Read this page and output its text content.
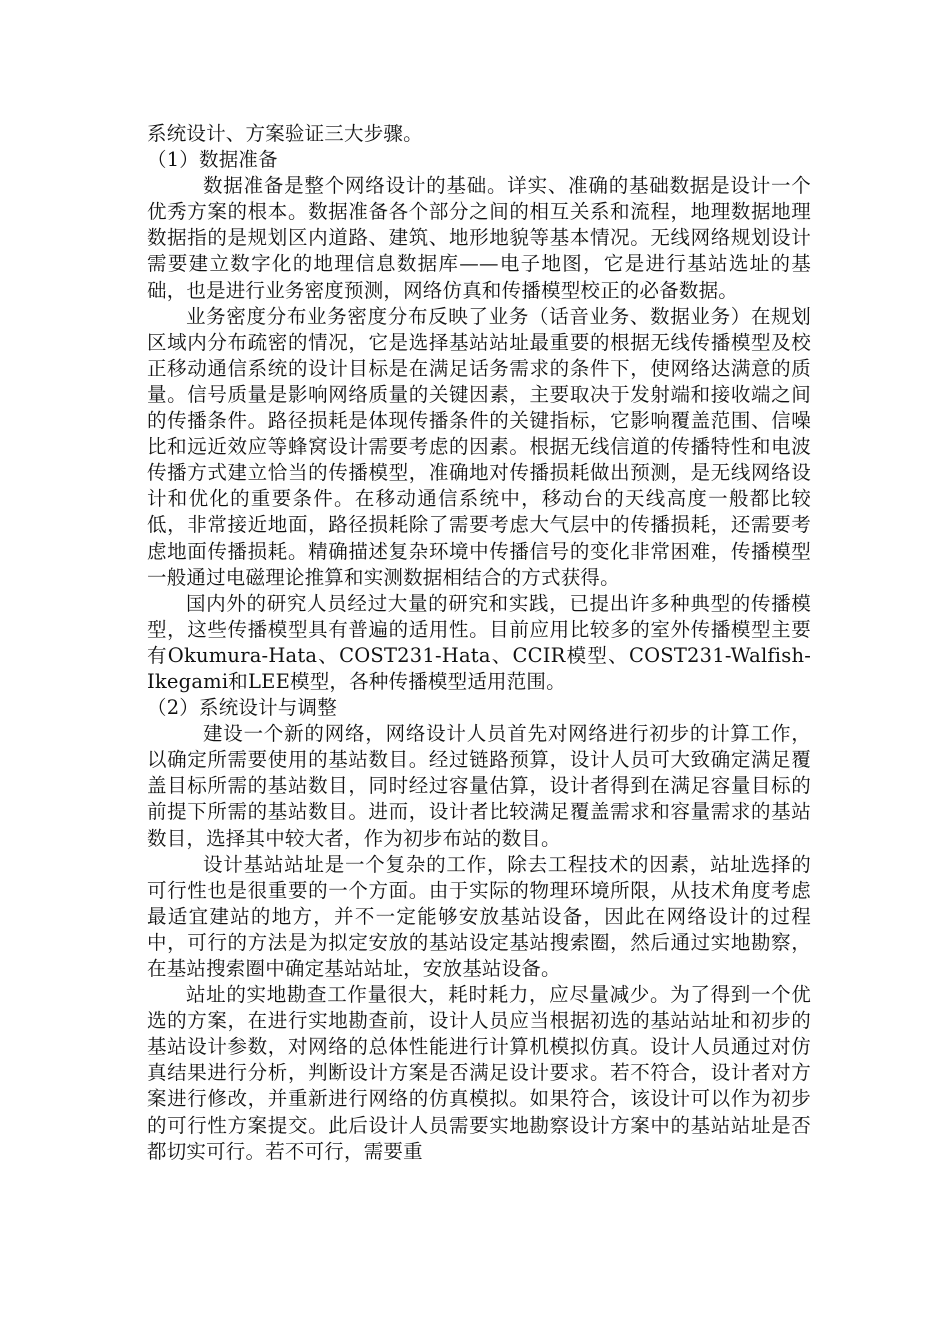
系统设计、方案验证三大步骤。

（1）数据准备

数据准备是整个网络设计的基础。详实、准确的基础数据是设计一个优秀方案的根本。数据准备各个部分之间的相互关系和流程，地理数据地理数据指的是规划区内道路、建筑、地形地貌等基本情况。无线网络规划设计需要建立数字化的地理信息数据库——电子地图，它是进行基站选址的基础，也是进行业务密度预测，网络仿真和传播模型校正的必备数据。

业务密度分布业务密度分布反映了业务（话音业务、数据业务）在规划区域内分布疏密的情况，它是选择基站站址最重要的根据无线传播模型及校正移动通信系统的设计目标是在满足话务需求的条件下，使网络达满意的质量。信号质量是影响网络质量的关键因素，主要取决于发射端和接收端之间的传播条件。路径损耗是体现传播条件的关键指标，它影响覆盖范围、信噪比和远近效应等蜂窝设计需要考虑的因素。根据无线信道的传播特性和电波传播方式建立恰当的传播模型，准确地对传播损耗做出预测，是无线网络设计和优化的重要条件。在移动通信系统中，移动台的天线高度一般都比较低，非常接近地面，路径损耗除了需要考虑大气层中的传播损耗，还需要考虑地面传播损耗。精确描述复杂环境中传播信号的变化非常困难，传播模型一般通过电磁理论推算和实测数据相结合的方式获得。

国内外的研究人员经过大量的研究和实践，已提出许多种典型的传播模型，这些传播模型具有普遍的适用性。目前应用比较多的室外传播模型主要有Okumura-Hata、COST231-Hata、CCIR模型、COST231-Walfish-Ikegami和LEE模型，各种传播模型适用范围。

（2）系统设计与调整

建设一个新的网络，网络设计人员首先对网络进行初步的计算工作，以确定所需要使用的基站数目。经过链路预算，设计人员可大致确定满足覆盖目标所需的基站数目，同时经过容量估算，设计者得到在满足容量目标的前提下所需的基站数目。进而，设计者比较满足覆盖需求和容量需求的基站数目，选择其中较大者，作为初步布站的数目。

设计基站站址是一个复杂的工作，除去工程技术的因素，站址选择的可行性也是很重要的一个方面。由于实际的物理环境所限，从技术角度考虑最适宜建站的地方，并不一定能够安放基站设备，因此在网络设计的过程中，可行的方法是为拟定安放的基站设定基站搜索圈，然后通过实地勘察，在基站搜索圈中确定基站站址，安放基站设备。

站址的实地勘查工作量很大，耗时耗力，应尽量减少。为了得到一个优选的方案，在进行实地勘查前，设计人员应当根据初选的基站站址和初步的基站设计参数，对网络的总体性能进行计算机模拟仿真。设计人员通过对仿真结果进行分析，判断设计方案是否满足设计要求。若不符合，设计者对方案进行修改，并重新进行网络的仿真模拟。如果符合，该设计可以作为初步的可行性方案提交。此后设计人员需要实地勘察设计方案中的基站站址是否都切实可行。若不可行，需要重
